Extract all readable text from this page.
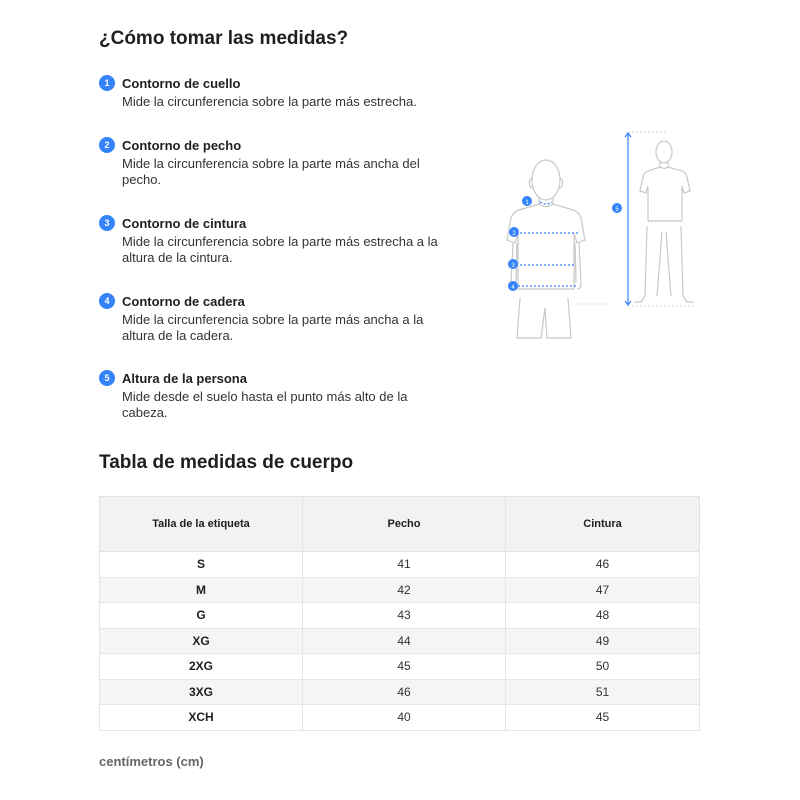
¿Cómo tomar las medidas?
1 Contorno de cuello
Mide la circunferencia sobre la parte más estrecha.
2 Contorno de pecho
Mide la circunferencia sobre la parte más ancha del pecho.
3 Contorno de cintura
Mide la circunferencia sobre la parte más estrecha a la altura de la cintura.
4 Contorno de cadera
Mide la circunferencia sobre la parte más ancha a la altura de la cadera.
5 Altura de la persona
Mide desde el suelo hasta el punto más alto de la cabeza.
1
2
3
4
5
Tabla de medidas de cuerpo
Talla de la etiqueta	Pecho	Cintura
S	41	46
M	42	47
G	43	48
XG	44	49
2XG	45	50
3XG	46	51
XCH	40	45
centímetros (cm)
